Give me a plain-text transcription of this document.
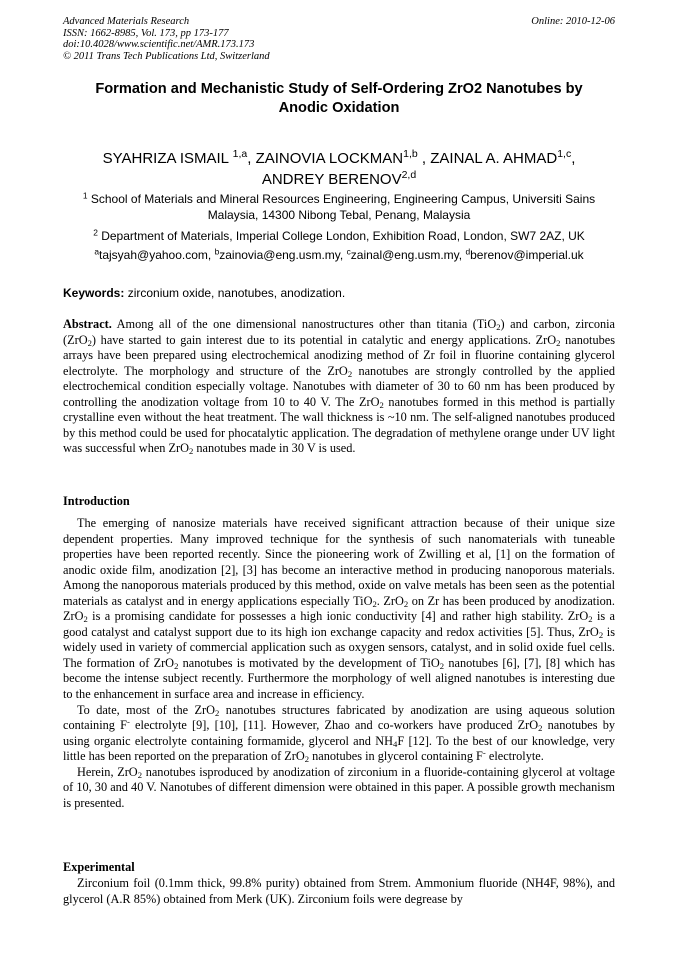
Advanced Materials Research
ISSN: 1662-8985, Vol. 173, pp 173-177
doi:10.4028/www.scientific.net/AMR.173.173
© 2011 Trans Tech Publications Ltd, Switzerland
Online: 2010-12-06
Formation and Mechanistic Study of Self-Ordering ZrO2 Nanotubes by
Anodic Oxidation
SYAHRIZA ISMAIL $^{1,a}$, ZAINOVIA LOCKMAN$^{1,b}$ , ZAINAL A. AHMAD$^{1,c}$,
ANDREY BERENOV$^{2,d}$
$^1$ School of Materials and Mineral Resources Engineering, Engineering Campus, Universiti Sains
Malaysia, 14300 Nibong Tebal, Penang, Malaysia
$^2$ Department of Materials, Imperial College London, Exhibition Road, London, SW7 2AZ, UK
$^a$tajsyah@yahoo.com, $^b$zainovia@eng.usm.my, $^c$zainal@eng.usm.my, $^d$berenov@imperial.uk
Keywords: zirconium oxide, nanotubes, anodization.

Abstract. Among all of the one dimensional nanostructures other than titania (TiO$_2$) and carbon, zirconia (ZrO$_2$) have started to gain interest due to its potential in catalytic and energy applications. ZrO$_2$ nanotubes arrays have been prepared using electrochemical anodizing method of Zr foil in fluorine containing glycerol electrolyte. The morphology and structure of the ZrO$_2$ nanotubes are strongly controlled by the applied electrochemical condition especially voltage. Nanotubes with diameter of 30 to 60 nm has been produced by controlling the anodization voltage from 10 to 40 V. The ZrO$_2$ nanotubes formed in this method is partially crystalline even without the heat treatment. The wall thickness is ~10 nm. The self-aligned nanotubes produced by this method could be used for phocatalytic application. The degradation of methylene orange under UV light was successful when ZrO$_2$ nanotubes made in 30 V is used.

Introduction

The emerging of nanosize materials have received significant attraction because of their unique size dependent properties. Many improved technique for the synthesis of such nanomaterials with tuneable properties have been reported recently. Since the pioneering work of Zwilling et al, [1] on the formation of anodic oxide film, anodization [2], [3] has become an interactive method in producing nanoporous materials. Among the nanoporous materials produced by this method, oxide on valve metals has been seen as the potential materials as catalyst and in energy applications especially TiO$_2$. ZrO$_2$ on Zr has been produced by anodization. ZrO$_2$ is a promising candidate for possesses a high ionic conductivity [4] and rather high stability. ZrO$_2$ is a good catalyst and catalyst support due to its high ion exchange capacity and redox activities [5]. Thus, ZrO$_2$ is widely used in variety of commercial application such as oxygen sensors, catalyst, and in solid oxide fuel cells. The formation of ZrO$_2$ nanotubes is motivated by the development of TiO$_2$ nanotubes [6], [7], [8] which has become the intense subject recently. Furthermore the morphology of well aligned nanotubes is interesting due to the enhancement in surface area and increase in efficiency.

To date, most of the ZrO$_2$ nanotubes structures fabricated by anodization are using aqueous solution containing F- electrolyte [9], [10], [11]. However, Zhao and co-workers have produced ZrO$_2$ nanotubes by using organic electrolyte containing formamide, glycerol and $NH_4F$ [12]. To the best of our knowledge, very little has been reported on the preparation of ZrO$_2$ nanotubes in glycerol containing F- electrolyte.

Herein, ZrO$_2$ nanotubes isproduced by anodization of zirconium in a fluoride-containing glycerol at voltage of 10, 30 and 40 V. Nanotubes of different dimension were obtained in this paper. A possible growth mechanism is presented.

Experimental

Zirconium foil (0.1mm thick, 99.8% purity) obtained from Strem. Ammonium fluoride (NH4F, 98%), and glycerol (A.R 85%) obtained from Merk (UK). Zirconium foils were degrease by
